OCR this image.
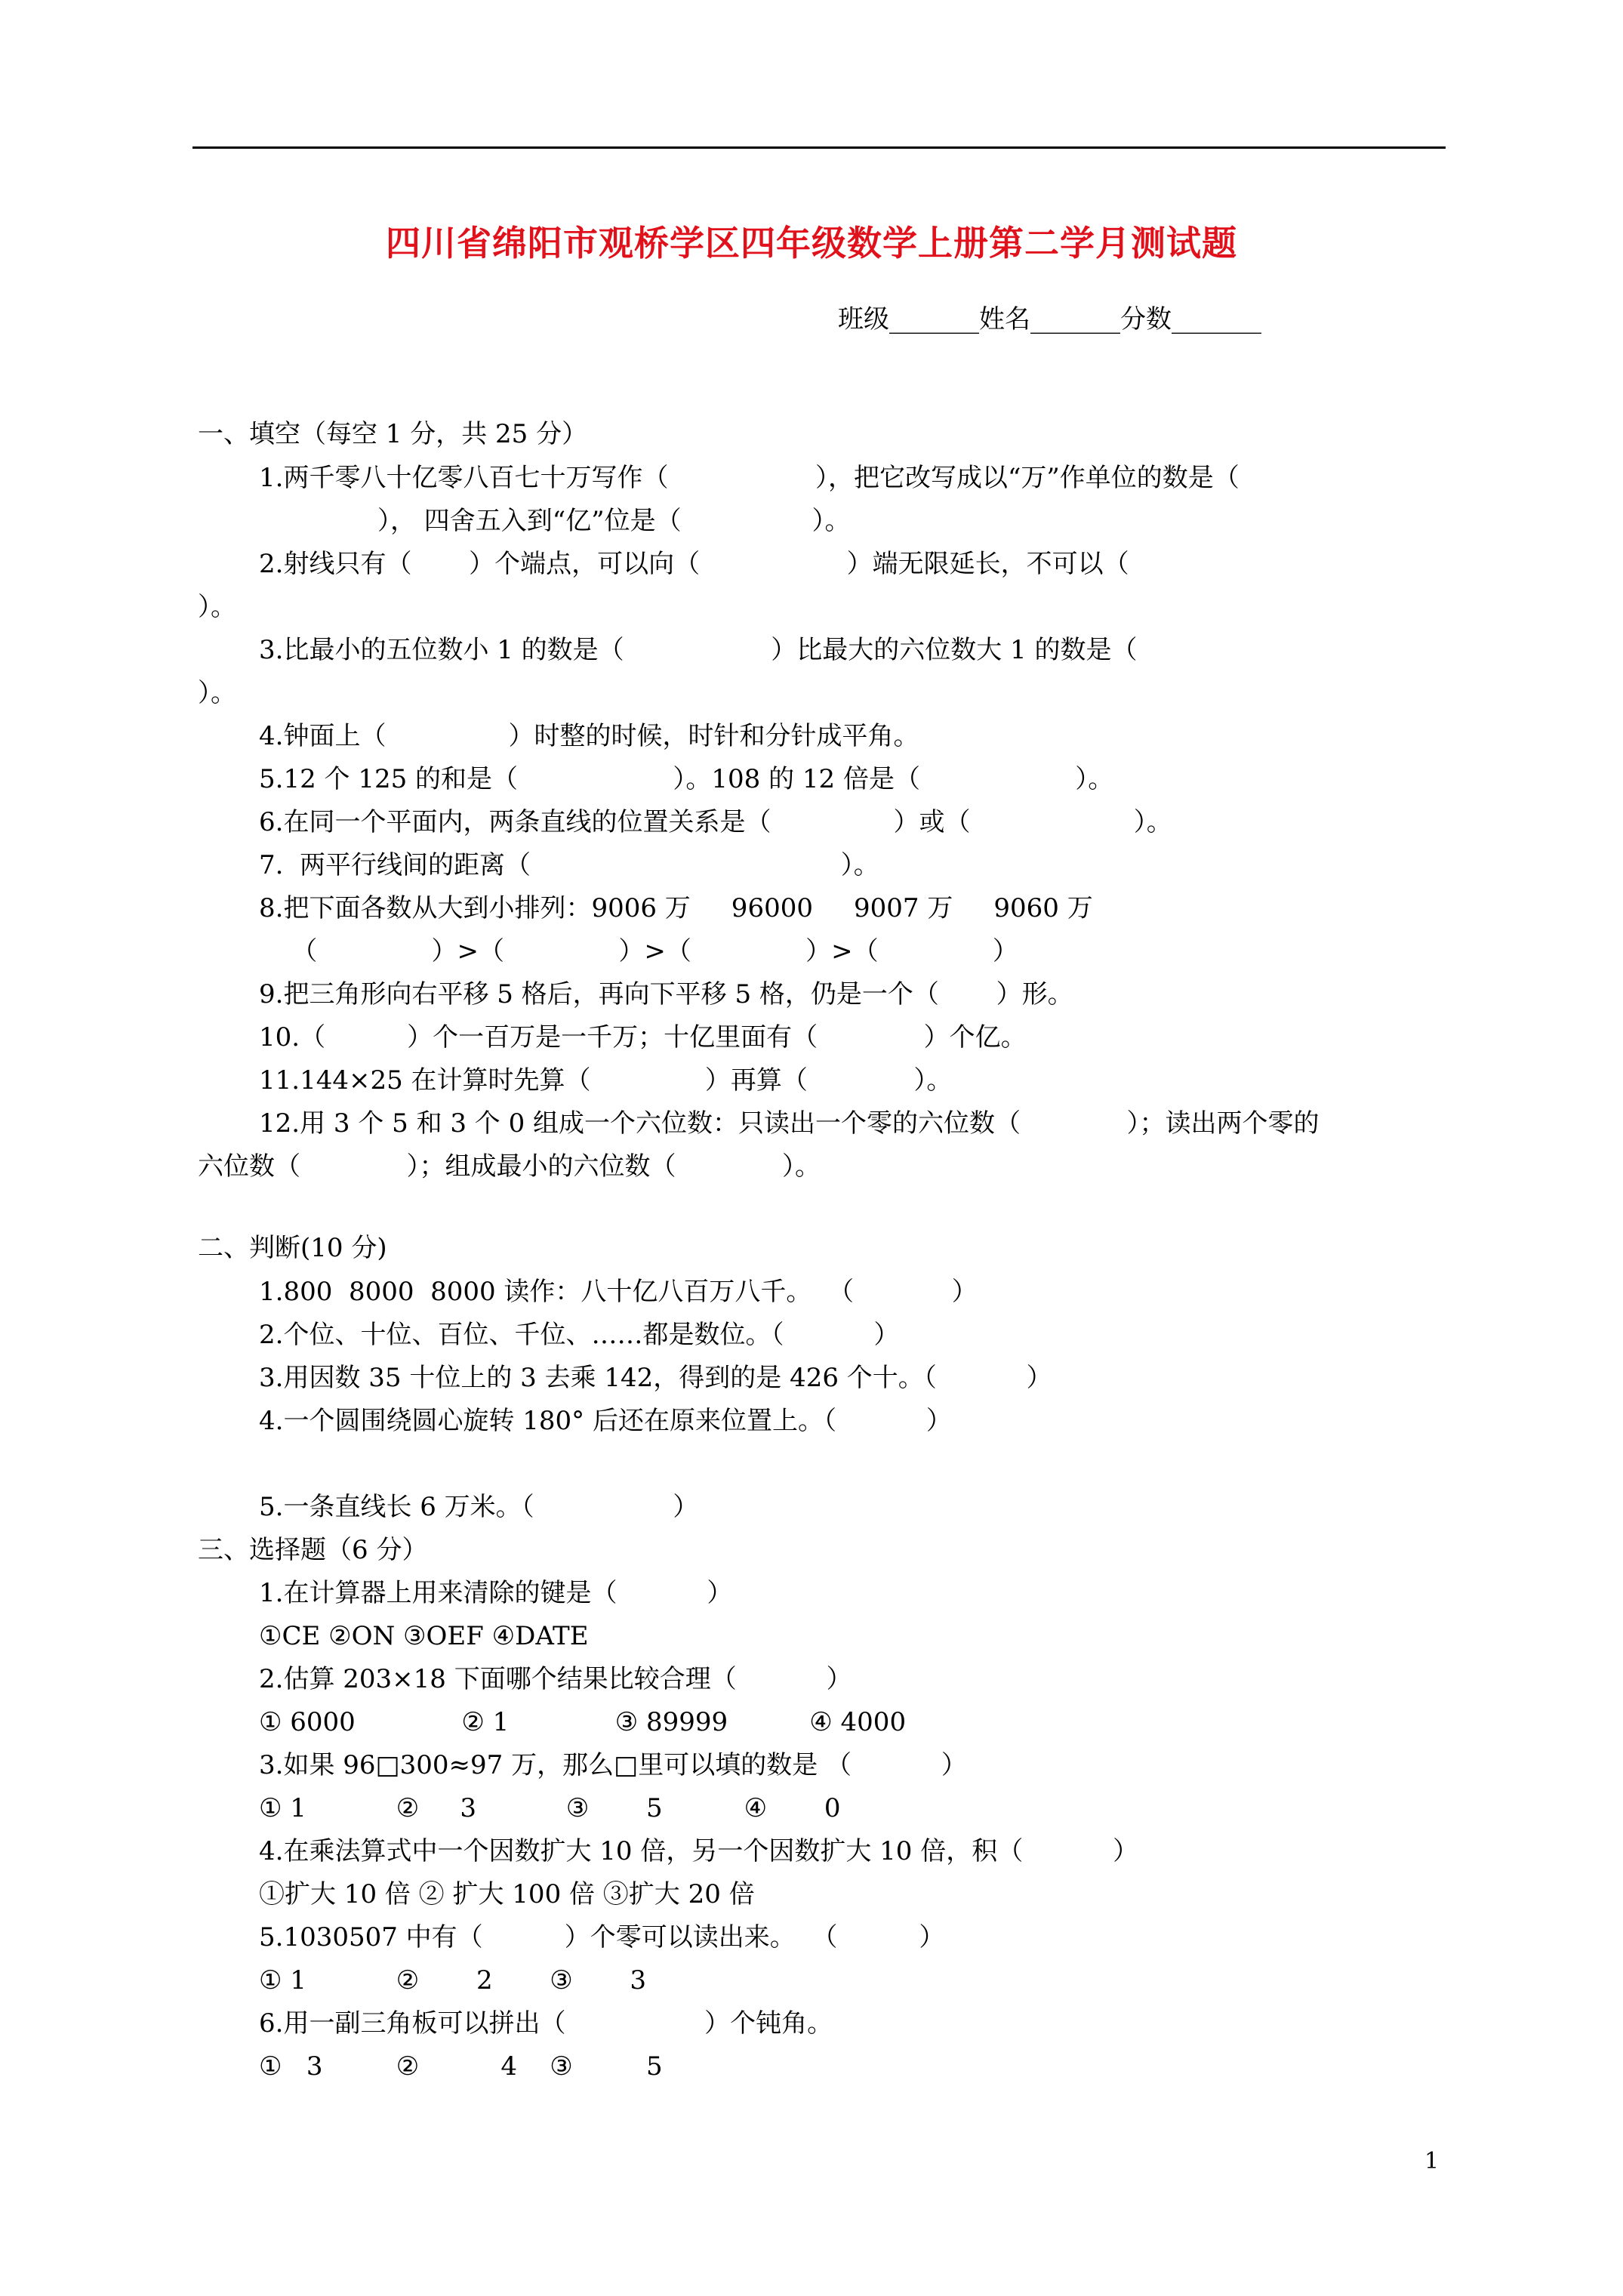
四川省绵阳市观桥学区四年级数学上册第二学月测试题
班级_______姓名_______分数_______
一、填空（每空 1 分，共 25 分）
1.两千零八十亿零八百七十万写作（                  ），把它改写成以“万”作单位的数是（
）， 四舍五入到“亿”位是（                ）。
2.射线只有（       ）个端点，可以向（                  ）端无限延长，不可以（
）。
3.比最小的五位数小 1 的数是（                  ）比最大的六位数大 1 的数是（
）。
4.钟面上（               ）时整的时候，时针和分针成平角。
5.12 个 125 的和是（                   ）。108 的 12 倍是（                   ）。
6.在同一个平面内，两条直线的位置关系是（               ）或（                    ）。
7.  两平行线间的距离（                                      ）。
8.把下面各数从大到小排列：9006 万     96000     9007 万     9060 万
（              ）>（              ）>（              ）>（              ）
9.把三角形向右平移 5 格后，再向下平移 5 格，仍是一个（       ）形。
10.（          ）个一百万是一千万；十亿里面有（             ）个亿。
11.144×25 在计算时先算（              ）再算（             ）。
12.用 3 个 5 和 3 个 0 组成一个六位数：只读出一个零的六位数（             ）；读出两个零的
六位数（             ）；组成最小的六位数（             ）。
二、判断(10 分)
1.800  8000  8000 读作：八十亿八百万八千。  （            ）
2.个位、十位、百位、千位、……都是数位。（           ）
3.用因数 35 十位上的 3 去乘 142，得到的是 426 个十。（           ）
4.一个圆围绕圆心旋转 180° 后还在原来位置上。（           ）
5.一条直线长 6 万米。（                 ）
三、选择题（6 分）
1.在计算器上用来清除的键是（           ）
①CE ②ON ③OEF ④DATE
2.估算 203×18 下面哪个结果比较合理（           ）
① 6000             ② 1             ③ 89999          ④ 4000
3.如果 96□300≈97 万，那么□里可以填的数是 （           ）
① 1           ②     3           ③       5          ④       0
4.在乘法算式中一个因数扩大 10 倍，另一个因数扩大 10 倍，积（           ）
①扩大 10 倍 ② 扩大 100 倍 ③扩大 20 倍
5.1030507 中有（          ）个零可以读出来。  （          ）
① 1           ②       2       ③       3
6.用一副三角板可以拼出（                 ）个钝角。
①   3         ②          4    ③         5
1
